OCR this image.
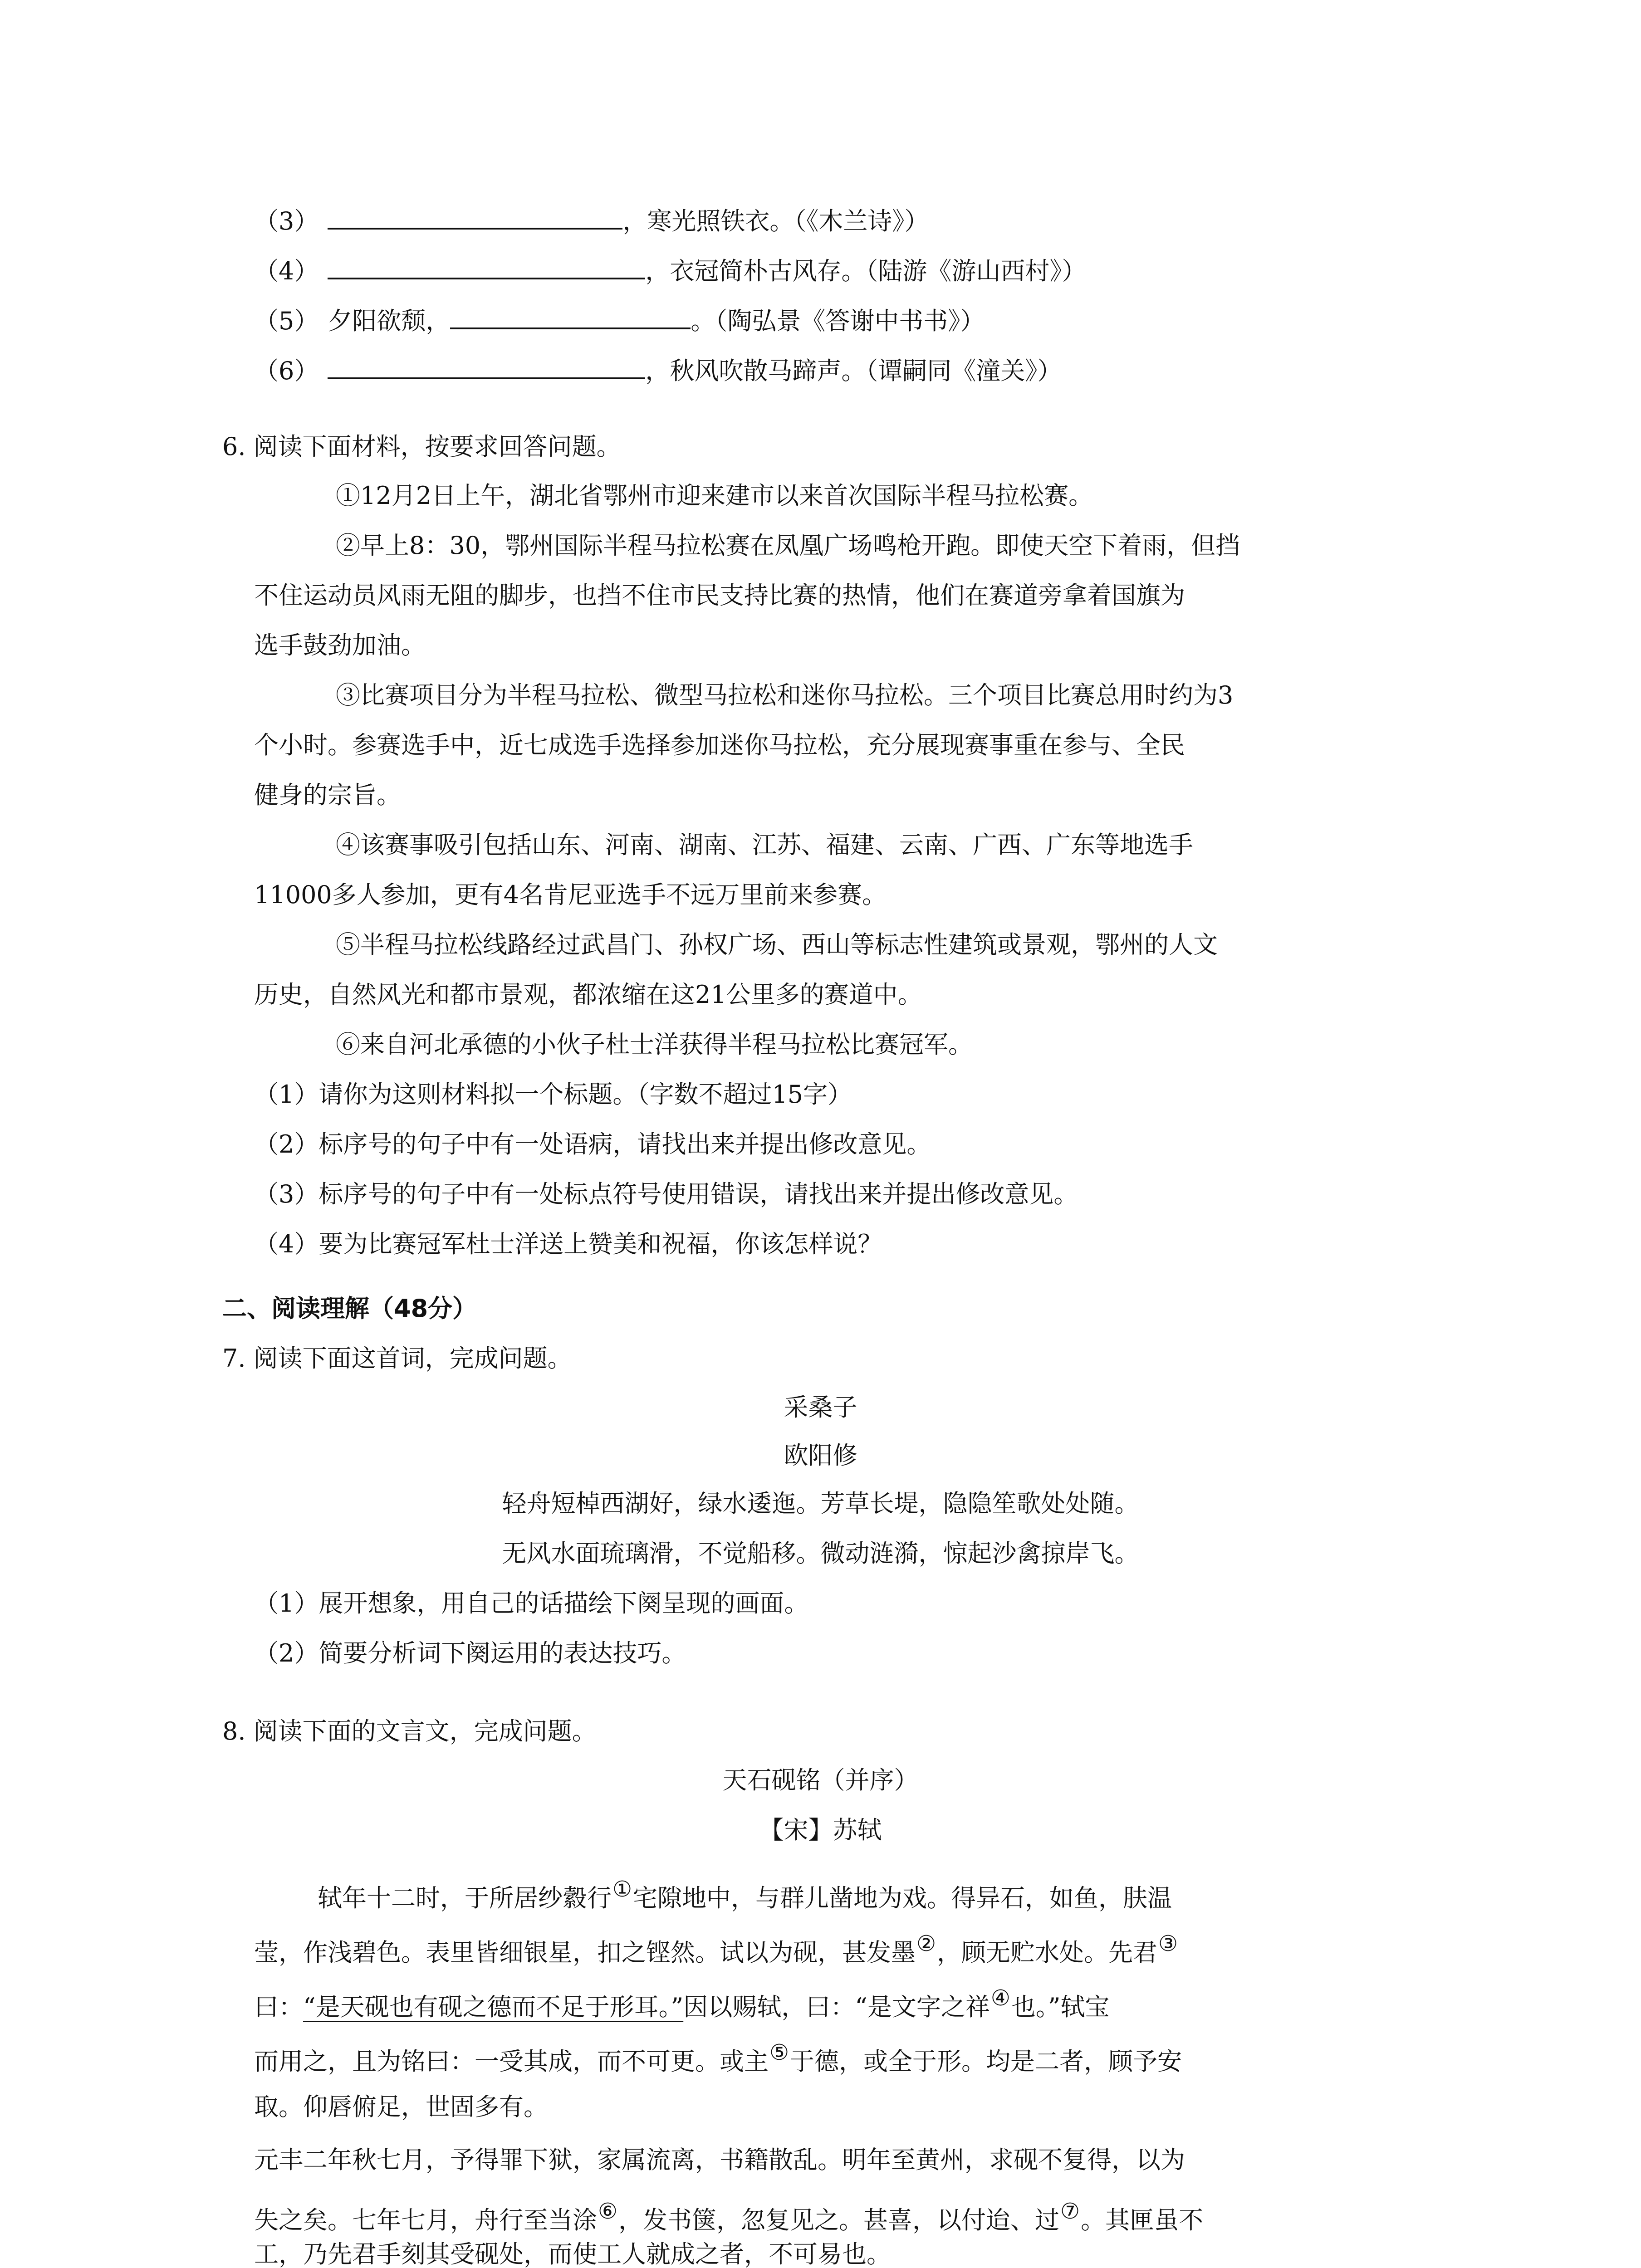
（3）	，寒光照铁衣。（《木兰诗》）
（4）	，衣冠简朴古风存。（陆游《游山西村》）
（5） 夕阳欲颓，	。（陶弘景《答谢中书书》）
（6）	，秋风吹散马蹄声。（谭嗣同《潼关》）
6. 阅读下面材料，按要求回答问题。
①12月2日上午，湖北省鄂州市迎来建市以来首次国际半程马拉松赛。
②早上8：30，鄂州国际半程马拉松赛在凤凰广场鸣枪开跑。即使天空下着雨，但挡
不住运动员风雨无阻的脚步，也挡不住市民支持比赛的热情，他们在赛道旁拿着国旗为
选手鼓劲加油。
③比赛项目分为半程马拉松、微型马拉松和迷你马拉松。三个项目比赛总用时约为3
个小时。参赛选手中，近七成选手选择参加迷你马拉松，充分展现赛事重在参与、全民
健身的宗旨。
④该赛事吸引包括山东、河南、湖南、江苏、福建、云南、广西、广东等地选手
11000多人参加，更有4名肯尼亚选手不远万里前来参赛。
⑤半程马拉松线路经过武昌门、孙权广场、西山等标志性建筑或景观，鄂州的人文
历史，自然风光和都市景观，都浓缩在这21公里多的赛道中。
⑥来自河北承德的小伙子杜士洋获得半程马拉松比赛冠军。
（1）请你为这则材料拟一个标题。（字数不超过15字）
（2）标序号的句子中有一处语病，请找出来并提出修改意见。
（3）标序号的句子中有一处标点符号使用错误，请找出来并提出修改意见。
（4）要为比赛冠军杜士洋送上赞美和祝福，你该怎样说？
二、阅读理解（48分）
7. 阅读下面这首词，完成问题。
采桑子
欧阳修
轻舟短棹西湖好，绿水逶迤。芳草长堤，隐隐笙歌处处随。
无风水面琉璃滑，不觉船移。微动涟漪，惊起沙禽掠岸飞。
（1）展开想象，用自己的话描绘下阕呈现的画面。
（2）简要分析词下阕运用的表达技巧。
8. 阅读下面的文言文，完成问题。
天石砚铭（并序）
【宋】苏轼
轼年十二时，于所居纱縠行①宅隙地中，与群儿凿地为戏。得异石，如鱼，肤温
莹，作浅碧色。表里皆细银星，扣之铿然。试以为砚，甚发墨②，顾无贮水处。先君③
曰：“是天砚也有砚之德而不足于形耳。”因以赐轼，曰：“是文字之祥④也。”轼宝
而用之，且为铭曰：一受其成，而不可更。或主⑤于德，或全于形。均是二者，顾予安
取。仰唇俯足，世固多有。
元丰二年秋七月，予得罪下狱，家属流离，书籍散乱。明年至黄州，求砚不复得，以为
失之矣。七年七月，舟行至当涂⑥，发书箧，忽复见之。甚喜，以付迨、过⑦。其匣虽不
工，乃先君手刻其受砚处，而使工人就成之者，不可易也。
